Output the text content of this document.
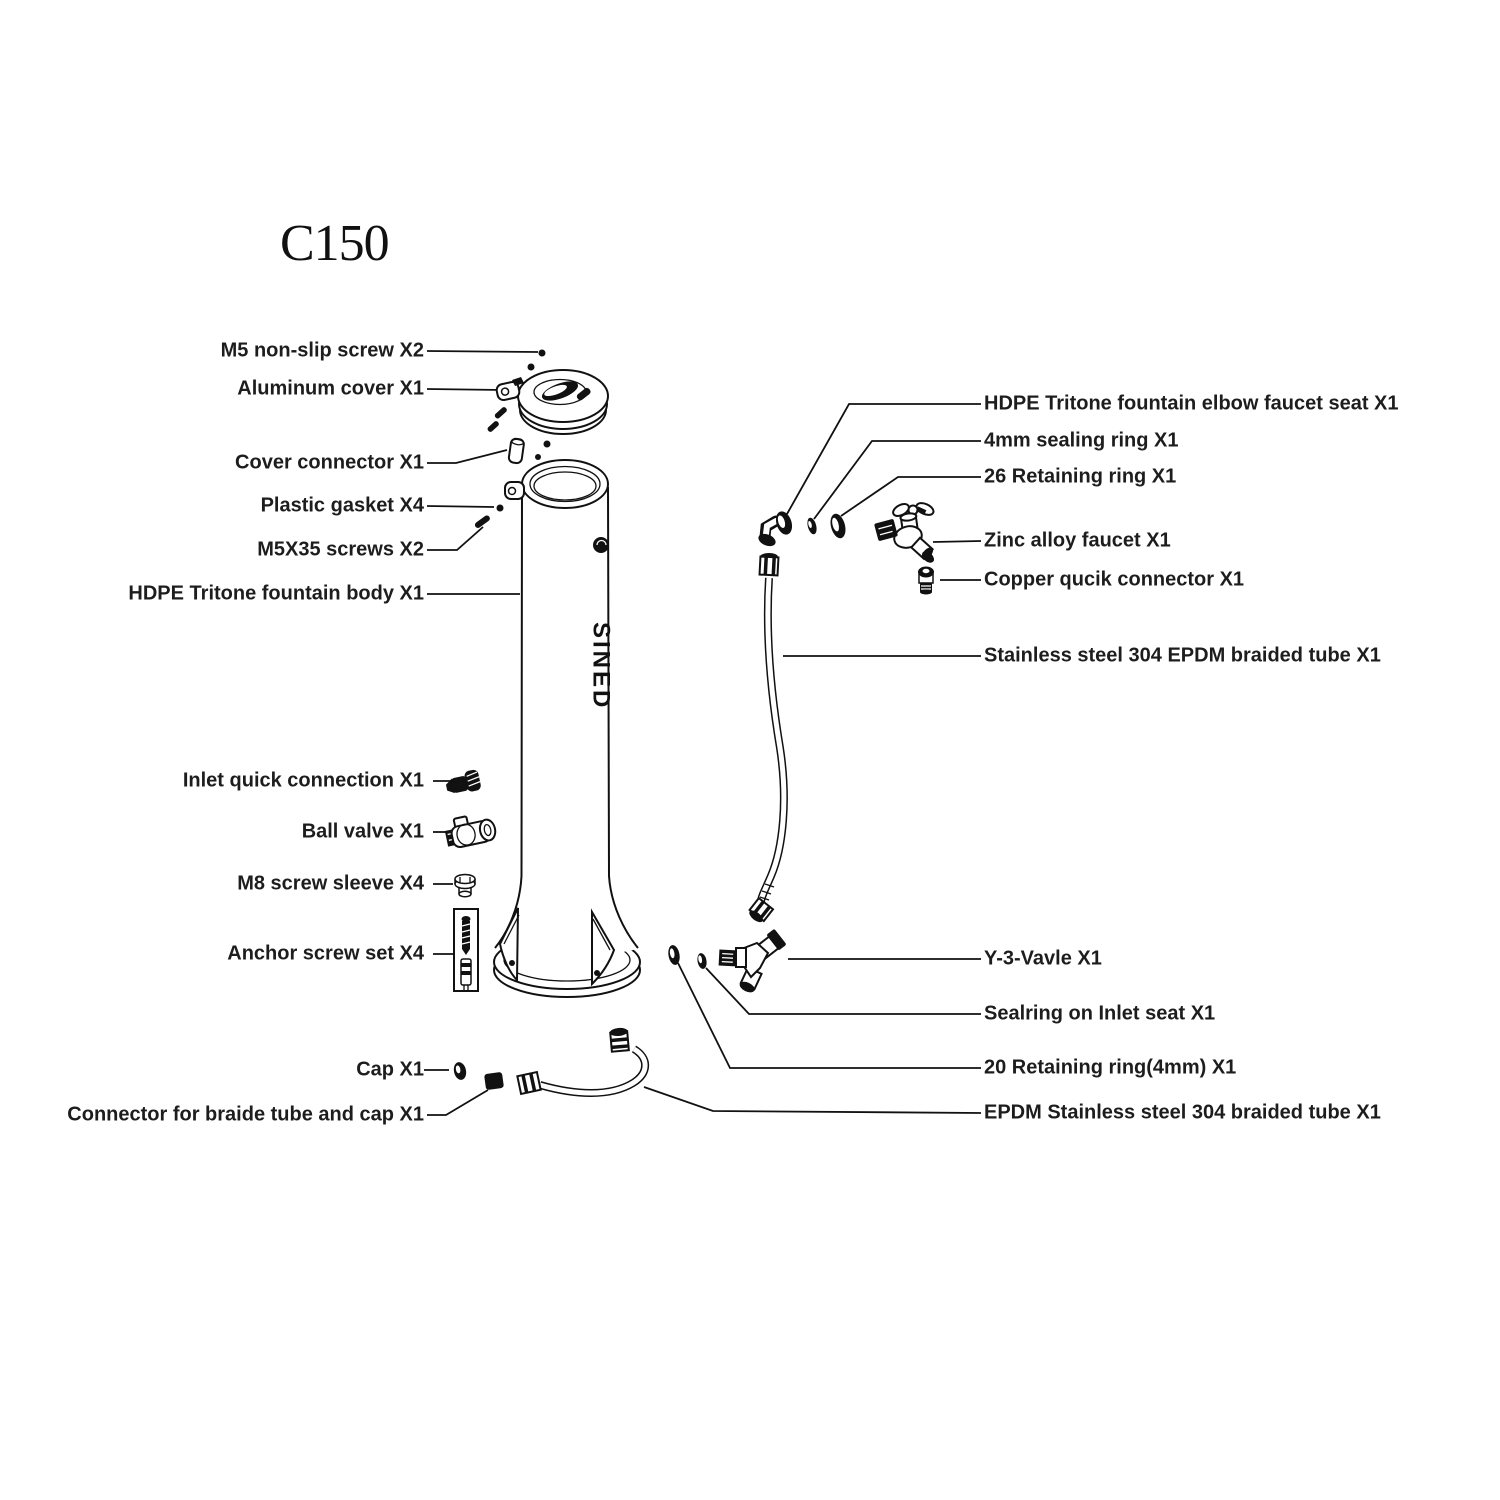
SINED
C150
M5 non-slip screw X2
Aluminum cover X1
Cover connector X1
Plastic gasket X4
M5X35 screws X2
HDPE Tritone fountain body X1
Inlet quick connection X1
Ball valve X1
M8 screw sleeve X4
Anchor screw set X4
Cap X1
Connector for braide tube and cap X1
HDPE Tritone fountain elbow faucet seat X1
4mm sealing ring X1
26 Retaining ring X1
Zinc alloy faucet X1
Copper qucik connector X1
Stainless steel 304 EPDM braided tube X1
Y-3-Vavle X1
Sealring on Inlet seat X1
20 Retaining ring(4mm) X1
EPDM Stainless steel 304 braided tube X1
